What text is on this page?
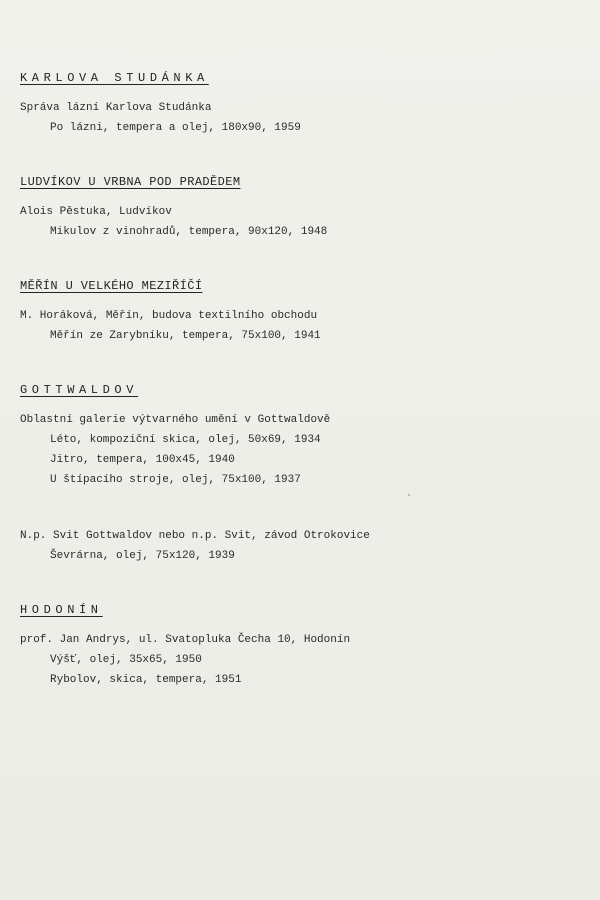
KARLOVA STUDÁNKA

Správa lázní Karlova Studánka

Po lázni, tempera a olej, 180x90, 1959

LUDVÍKOV U VRBNA POD PRADĚDEM

Alois Pěstuka, Ludvíkov

Mikulov z vinohradů, tempera, 90x120, 1948

MĚŘÍN U VELKÉHO MEZIŘÍČÍ

M. Horáková, Měřín, budova textilního obchodu

Měřín ze Zarybníku, tempera, 75x100, 1941

GOTTWALDOV

Oblastní galerie výtvarného umění v Gottwaldově

Léto, kompoziční skica, olej, 50x69, 1934

Jitro, tempera, 100x45, 1940

U štípacího stroje, olej, 75x100, 1937

N.p. Svit Gottwaldov nebo n.p. Svit, závod Otrokovice

Ševrárna, olej, 75x120, 1939

HODONÍN

prof. Jan Andrys, ul. Svatopluka Čecha 10, Hodonín

Výšť, olej, 35x65, 1950

Rybolov, skica, tempera, 1951
